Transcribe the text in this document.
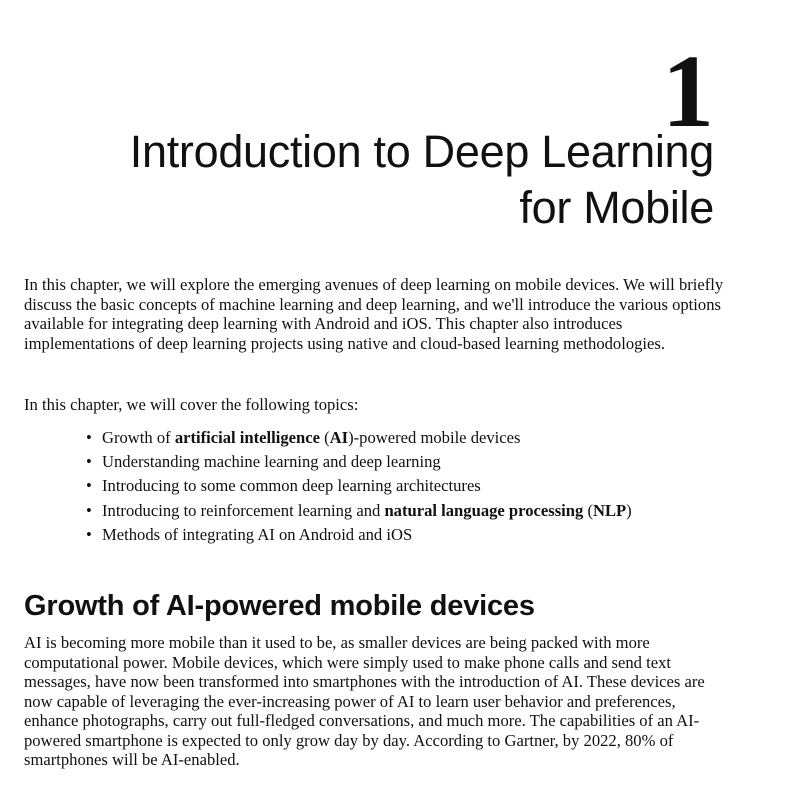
1
Introduction to Deep Learning
for Mobile

In this chapter, we will explore the emerging avenues of deep learning on mobile devices. We will briefly discuss the basic concepts of machine learning and deep learning, and we'll introduce the various options available for integrating deep learning with Android and iOS. This chapter also introduces implementations of deep learning projects using native and cloud-based learning methodologies.

In this chapter, we will cover the following topics:

• Growth of artificial intelligence (AI)-powered mobile devices
• Understanding machine learning and deep learning
• Introducing to some common deep learning architectures
• Introducing to reinforcement learning and natural language processing (NLP)
• Methods of integrating AI on Android and iOS
Growth of AI-powered mobile devices

AI is becoming more mobile than it used to be, as smaller devices are being packed with more computational power. Mobile devices, which were simply used to make phone calls and send text messages, have now been transformed into smartphones with the introduction of AI. These devices are now capable of leveraging the ever-increasing power of AI to learn user behavior and preferences, enhance photographs, carry out full-fledged conversations, and much more. The capabilities of an AI-powered smartphone is expected to only grow day by day. According to Gartner, by 2022, 80% of smartphones will be AI-enabled.
